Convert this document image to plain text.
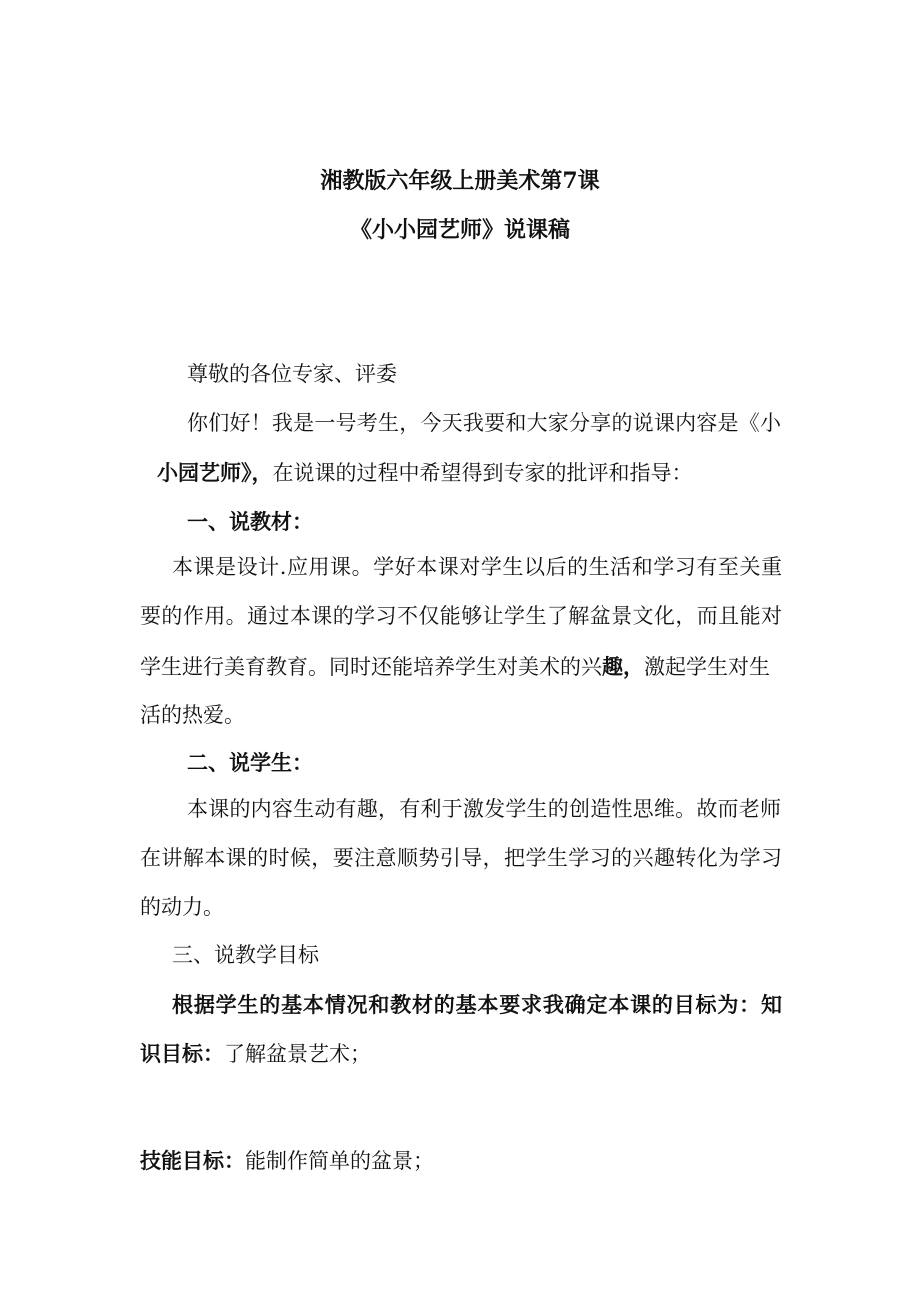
湘教版六年级上册美术第7课
《小小园艺师》说课稿
尊敬的各位专家、评委
你们好！我是一号考生，今天我要和大家分享的说课内容是《小
小园艺师》，在说课的过程中希望得到专家的批评和指导：
一、说教材：
本课是设计.应用课。学好本课对学生以后的生活和学习有至关重
要的作用。通过本课的学习不仅能够让学生了解盆景文化，而且能对
学生进行美育教育。同时还能培养学生对美术的兴趣，激起学生对生
活的热爱。
二、说学生：
本课的内容生动有趣，有利于激发学生的创造性思维。故而老师
在讲解本课的时候，要注意顺势引导，把学生学习的兴趣转化为学习
的动力。
三、说教学目标
根据学生的基本情况和教材的基本要求我确定本课的目标为：知
识目标：了解盆景艺术；
技能目标：能制作简单的盆景；
